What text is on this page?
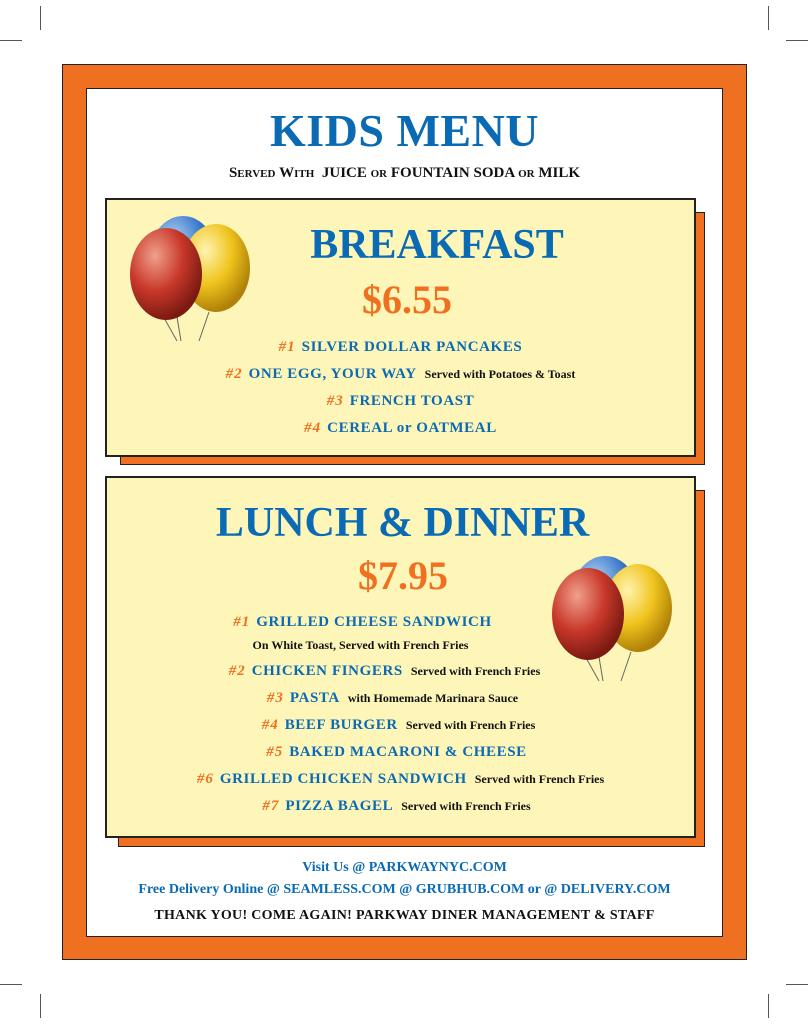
KIDS MENU
Served With JUICE or FOUNTAIN SODA or MILK
BREAKFAST
$6.55
#1 SILVER DOLLAR PANCAKES
#2 ONE EGG, YOUR WAY Served with Potatoes & Toast
#3 FRENCH TOAST
#4 CEREAL or OATMEAL
LUNCH & DINNER
$7.95
#1 GRILLED CHEESE SANDWICH
On White Toast, Served with French Fries
#2 CHICKEN FINGERS Served with French Fries
#3 PASTA with Homemade Marinara Sauce
#4 BEEF BURGER Served with French Fries
#5 BAKED MACARONI & CHEESE
#6 GRILLED CHICKEN SANDWICH Served with French Fries
#7 PIZZA BAGEL Served with French Fries
Visit Us @ PARKWAYNYC.COM
Free Delivery Online @ SEAMLESS.COM @ GRUBHUB.COM or @ DELIVERY.COM
THANK YOU! COME AGAIN! PARKWAY DINER MANAGEMENT & STAFF
